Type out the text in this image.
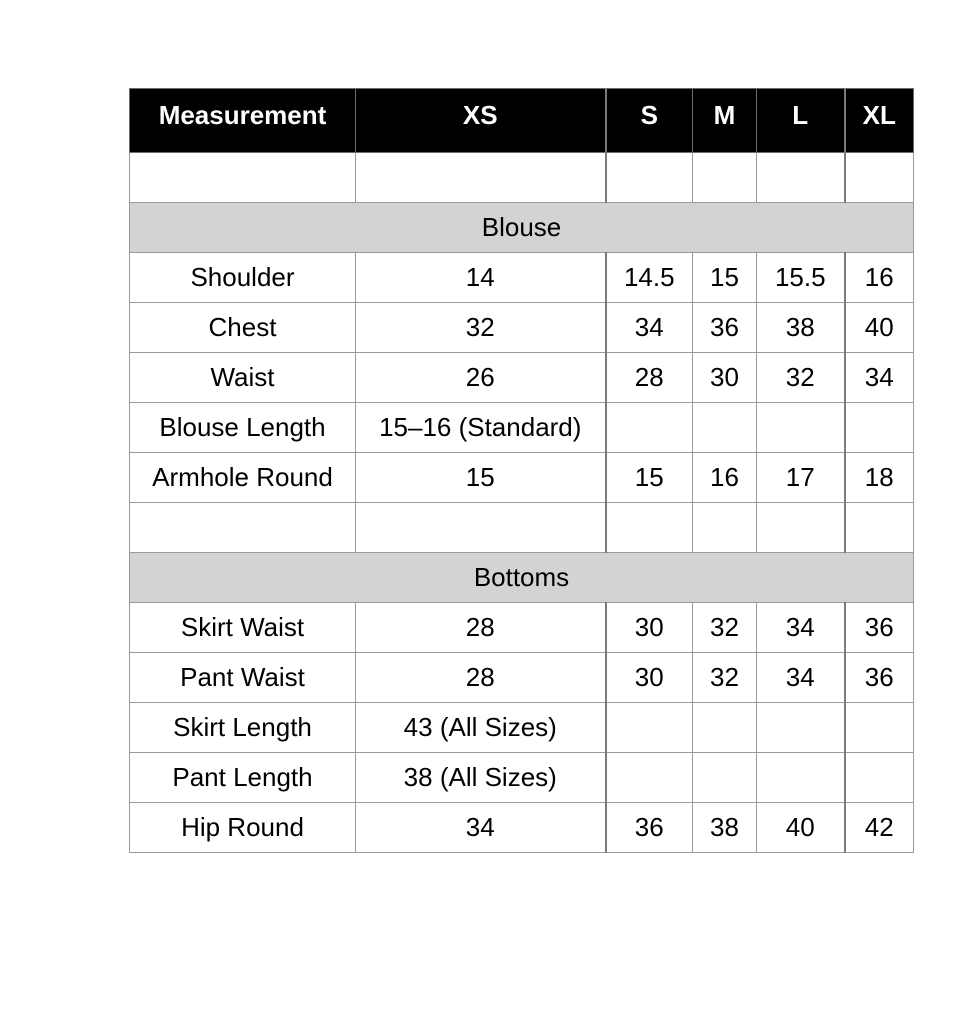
Measurement	XS	S	M	L	XL

Blouse					
Shoulder	14	14.5	15	15.5	16
Chest	32	34	36	38	40
Waist	26	28	30	32	34
Blouse Length	15–16 (Standard)				
Armhole Round	15	15	16	17	18

Bottoms					
Skirt Waist	28	30	32	34	36
Pant Waist	28	30	32	34	36
Skirt Length	43 (All Sizes)				
Pant Length	38 (All Sizes)				
Hip Round	34	36	38	40	42
